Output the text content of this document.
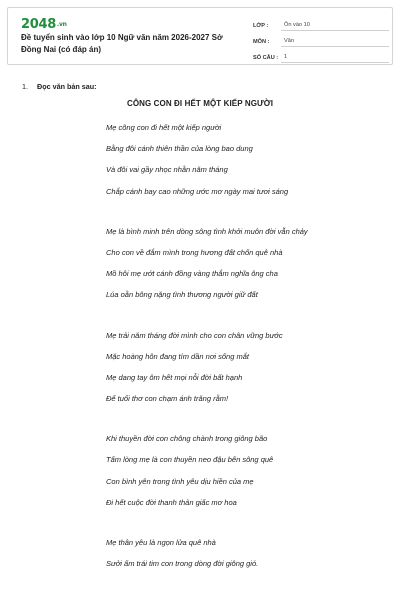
2048.vn
Đề tuyển sinh vào lớp 10 Ngữ văn năm 2026-2027 Sở Đồng Nai (có đáp án)
LỚP :	Ôn vào 10
MÔN :	Văn
SỐ CÂU :	1
1. Đọc văn bản sau:
CÔNG CON ĐI HẾT MỘT KIẾP NGƯỜI
Mẹ cõng con đi hết một kiếp người
Bằng đôi cánh thiên thần của lòng bao dung
Và đôi vai gầy nhọc nhằn năm tháng
Chắp cánh bay cao những ước mơ ngày mai tươi sáng
Mẹ là bình minh trên dòng sông tình khởi muôn đời vẫn chảy
Cho con về đắm mình trong hương đất chốn quê nhà
Mồ hôi mẹ ướt cánh đồng vàng thắm nghĩa ông cha
Lúa oằn bông nặng tình thương người giữ đất
Mẹ trải năm tháng đời mình cho con chân vững bước
Mặc hoàng hôn đang tím dần nơi sống mắt
Mẹ dang tay ôm hết mọi nỗi đời bất hạnh
Để tuổi thơ con chạm ánh trăng rằm!
Khi thuyền đời con chông chành trong giông bão
Tấm lòng mẹ là con thuyền neo đậu bến sông quê
Con bình yên trong tình yêu dịu hiền của mẹ
Đi hết cuộc đời thanh thản giấc mơ hoa
Mẹ thân yêu là ngọn lửa quê nhà
Sưởi ấm trái tim con trong dòng đời giông gió.
